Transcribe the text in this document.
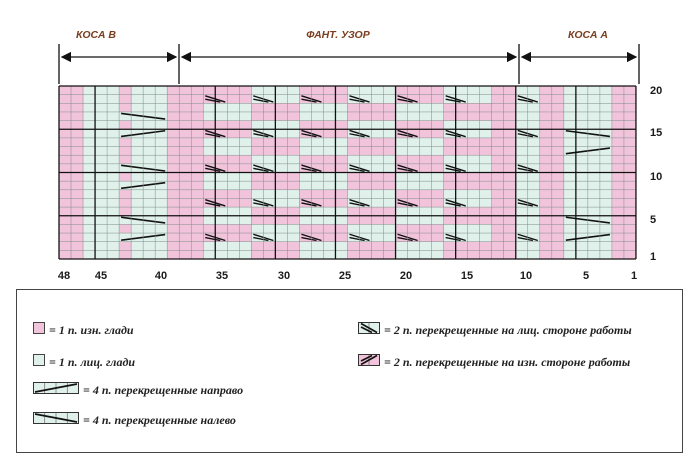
КОСА В	ФАНТ. УЗОР	КОСА А
48 45	40	35	30	25	20	15	10	5	1
20
15
10
5
1
= 1 п. изн. глади
= 1 п. лиц. глади
= 4 п. перекрещенные направо
= 4 п. перекрещенные налево
= 2 п. перекрещенные на лиц. стороне работы
= 2 п. перекрещенные на изн. стороне работы
